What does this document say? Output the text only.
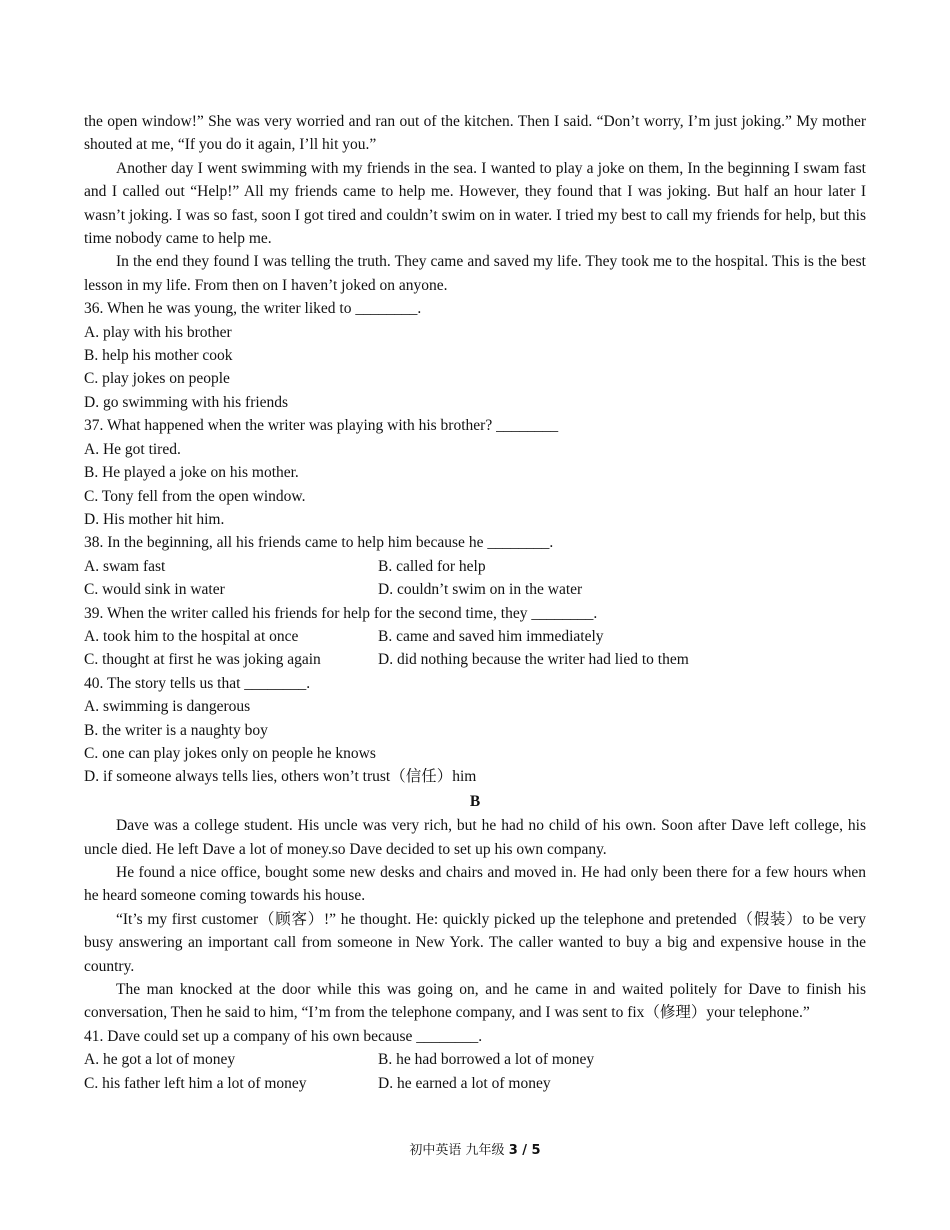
the open window!” She was very worried and ran out of the kitchen. Then I said. “Don’t worry, I’m just joking.” My mother shouted at me, “If you do it again, I’ll hit you.”

Another day I went swimming with my friends in the sea. I wanted to play a joke on them, In the beginning I swam fast and I called out “Help!” All my friends came to help me. However, they found that I was joking. But half an hour later I wasn’t joking. I was so fast, soon I got tired and couldn’t swim on in water. I tried my best to call my friends for help, but this time nobody came to help me.

In the end they found I was telling the truth. They came and saved my life. They took me to the hospital. This is the best lesson in my life. From then on I haven’t joked on anyone.

36. When he was young, the writer liked to ________.

A. play with his brother

B. help his mother cook

C. play jokes on people

D. go swimming with his friends

37. What happened when the writer was playing with his brother? ________

A. He got tired.

B. He played a joke on his mother.

C. Tony fell from the open window.

D. His mother hit him.

38. In the beginning, all his friends came to help him because he ________.

A. swam fast	B. called for help
C. would sink in water	D. couldn’t swim on in the water

39. When the writer called his friends for help for the second time, they ________.

A. took him to the hospital at once	B. came and saved him immediately
C. thought at first he was joking again	D. did nothing because the writer had lied to them

40. The story tells us that ________.

A. swimming is dangerous

B. the writer is a naughty boy

C. one can play jokes only on people he knows

D. if someone always tells lies, others won’t trust（信任）him

B

Dave was a college student. His uncle was very rich, but he had no child of his own. Soon after Dave left college, his uncle died. He left Dave a lot of money.so Dave decided to set up his own company.

He found a nice office, bought some new desks and chairs and moved in. He had only been there for a few hours when he heard someone coming towards his house.

“It’s my first customer（顾客）!” he thought. He: quickly picked up the telephone and pretended（假装）to be very busy answering an important call from someone in New York. The caller wanted to buy a big and expensive house in the country.

The man knocked at the door while this was going on, and he came in and waited politely for Dave to finish his conversation, Then he said to him, “I’m from the telephone company, and I was sent to fix（修理）your telephone.”

41. Dave could set up a company of his own because ________.

A. he got a lot of money	B. he had borrowed a lot of money
C. his father left him a lot of money	D. he earned a lot of money
初中英语 九年级 3 / 5
